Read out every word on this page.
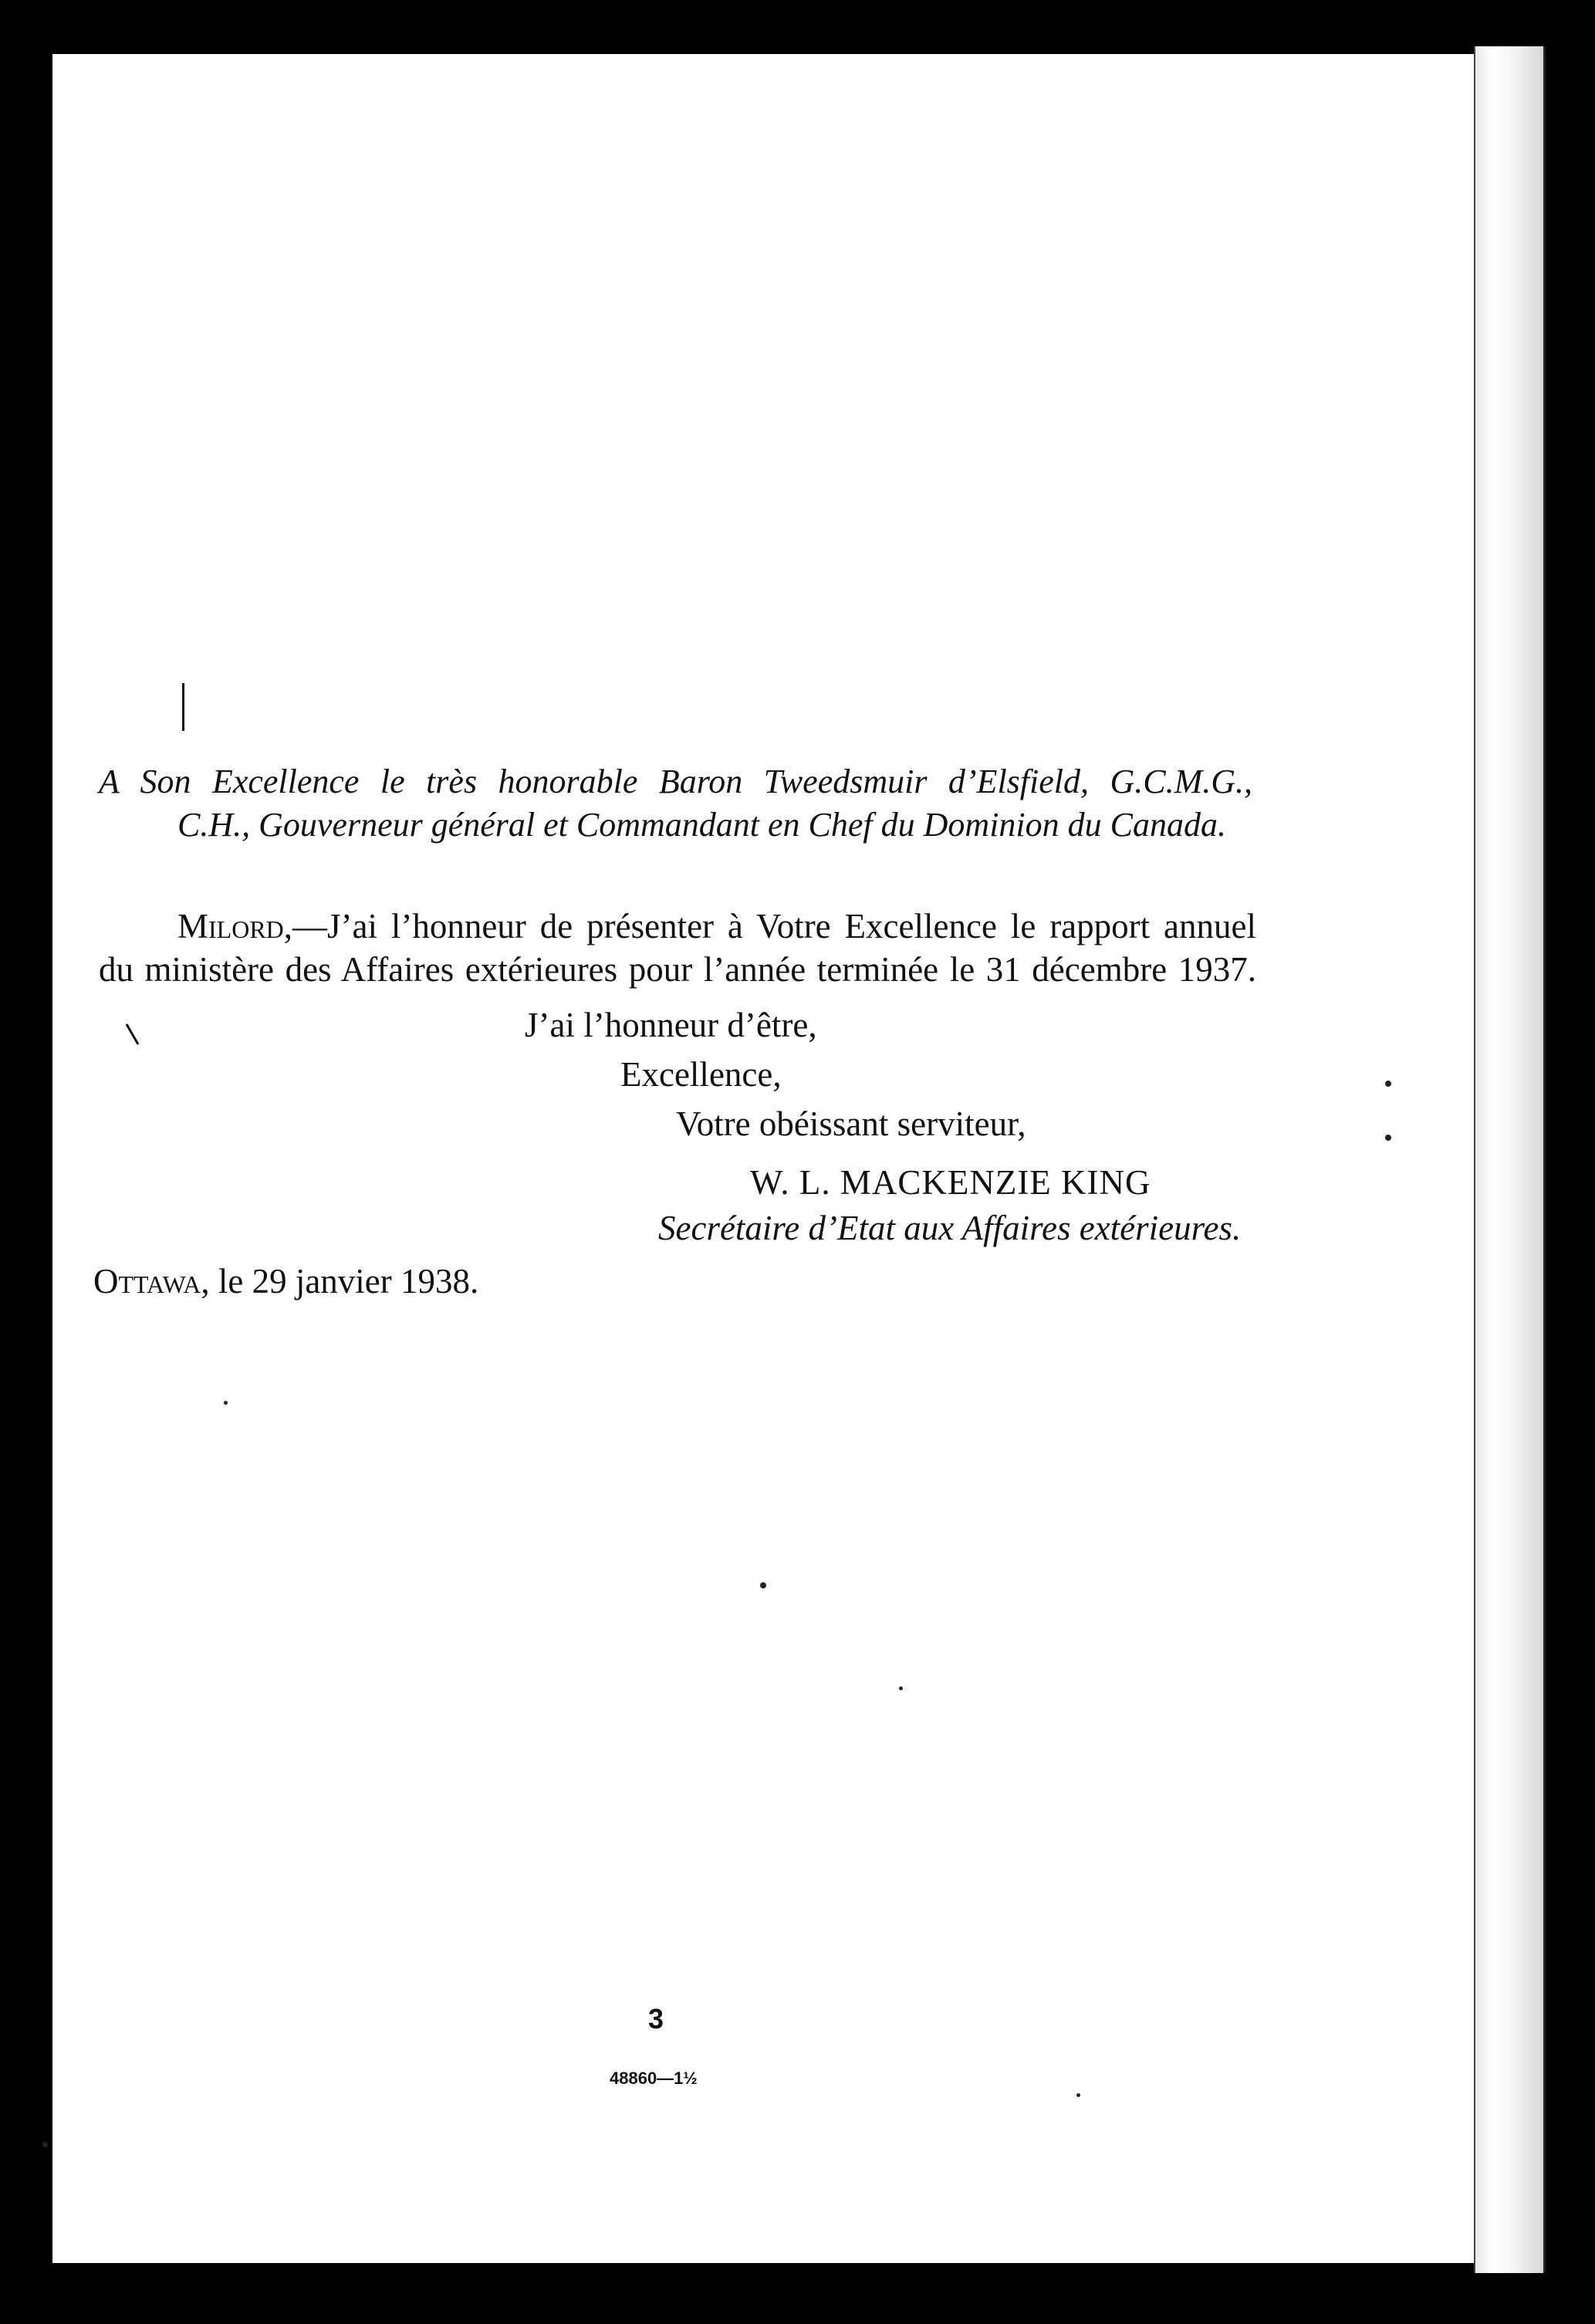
A Son Excellence le très honorable Baron Tweedsmuir d’Elsfield, G.C.M.G.,
C.H., Gouverneur général et Commandant en Chef du Dominion du Canada.
Milord,—J’ai l’honneur de présenter à Votre Excellence le rapport annuel
du ministère des Affaires extérieures pour l’année terminée le 31 décembre 1937.
J’ai l’honneur d’être,
Excellence,
Votre obéissant serviteur,
W. L. MACKENZIE KING
Secrétaire d’Etat aux Affaires extérieures.
Ottawa, le 29 janvier 1938.
3
48860—1½
